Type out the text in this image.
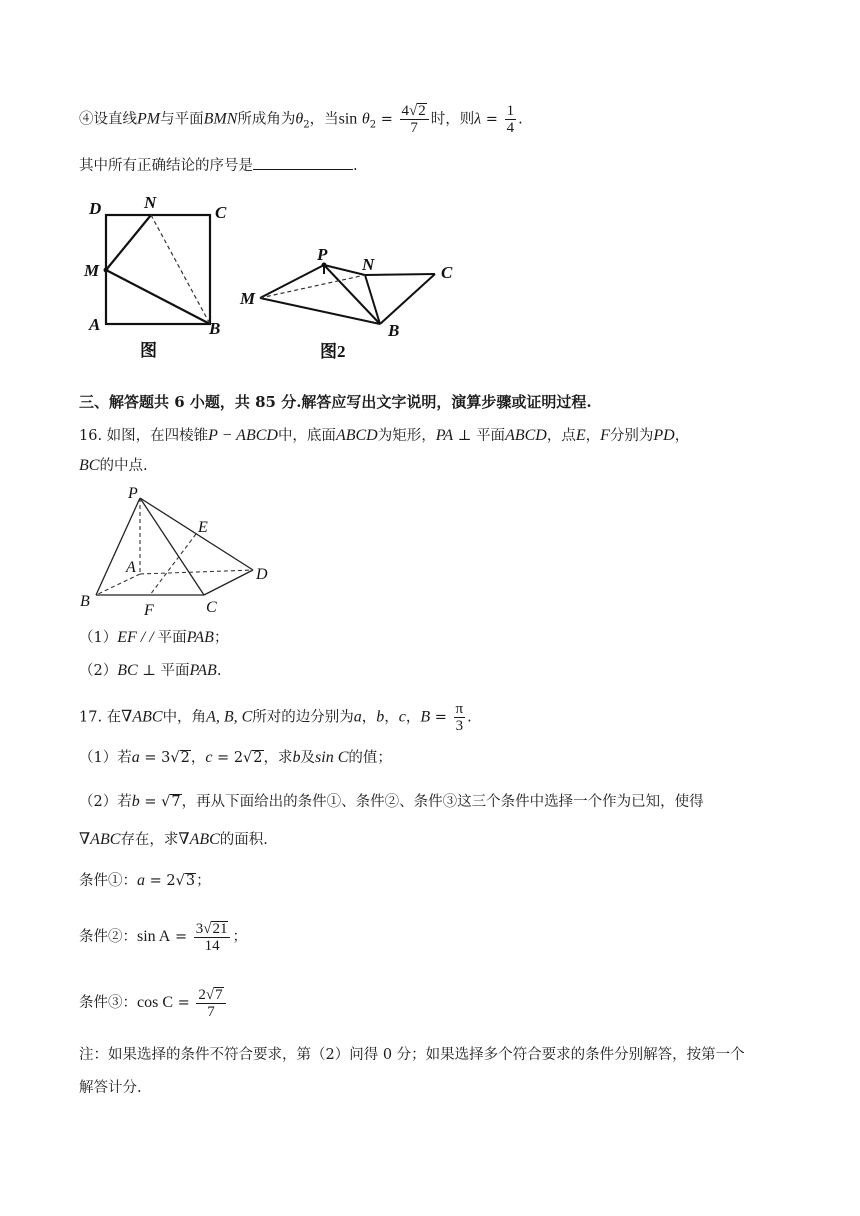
④设直线PM与平面BMN所成角为$\theta_2$，当$\sin \theta_2 = \frac{4√2}{7}$ 时，则$\lambda = \frac{1}{4}$ .
其中所有正确结论的序号是	.
D	N
C
M
A	B
图
P
N	C
M
B
图2
三、解答题共 6 小题，共 85 分.解答应写出文字说明，演算步骤或证明过程.
16. 如图，在四棱锥P − ABCD中，底面ABCD为矩形，PA ⊥ 平面ABCD，点E，F分别为PD，
BC的中点.
P
E
A	D
B
F	C
（1）EF / / 平面PAB；
（2）BC ⊥ 平面PAB.
17. 在∇ABC中，角A, B, C所对的边分别为a，b，c，$B = \frac{\pi}{3}$ .
（1）若a = 3√2，c = 2√2，求b及sin C的值；
（2）若b = √7，再从下面给出的条件①、条件②、条件③这三个条件中选择一个作为已知，使得
∇ABC存在，求∇ABC的面积.
条件①：a = 2√3；
条件②：$\sin A = \frac{3√21}{14}$ ；
条件③：$\cos C = \frac{2√7}{7}$
注：如果选择的条件不符合要求，第（2）问得 0 分；如果选择多个符合要求的条件分别解答，按第一个
解答计分.
